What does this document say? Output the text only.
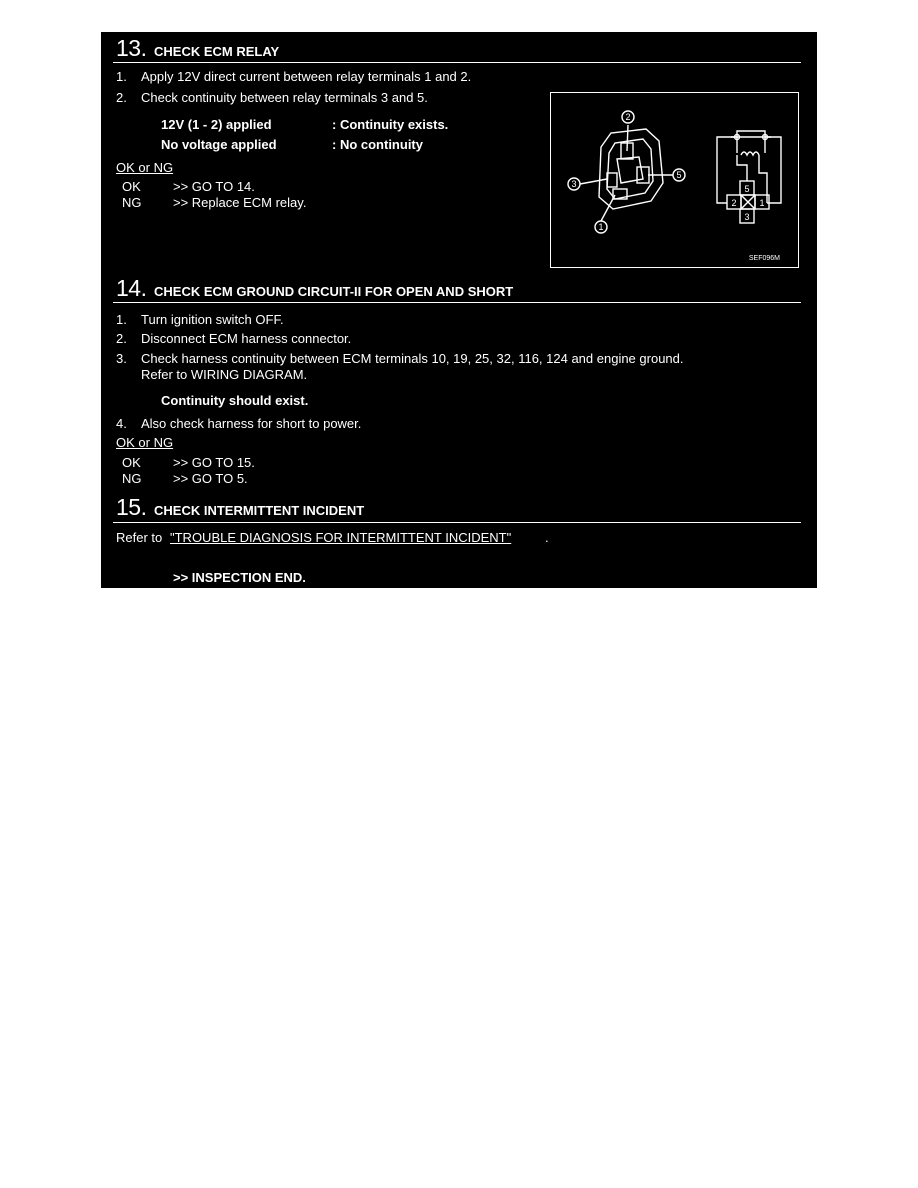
13. CHECK ECM RELAY
1. Apply 12V direct current between relay terminals 1 and 2.
2. Check continuity between relay terminals 3 and 5.
12V (1 - 2) applied	: Continuity exists.
No voltage applied	: No continuity
OK or NG
OK >> GO TO 14.
NG >> Replace ECM relay.
2
3
5
1
5
2	1
3
SEF096M
14. CHECK ECM GROUND CIRCUIT-II FOR OPEN AND SHORT
1. Turn ignition switch OFF.
2. Disconnect ECM harness connector.
3. Check harness continuity between ECM terminals 10, 19, 25, 32, 116, 124 and engine ground.
Refer to WIRING DIAGRAM.
Continuity should exist.
4. Also check harness for short to power.
OK or NG
OK >> GO TO 15.
NG >> GO TO 5.
15. CHECK INTERMITTENT INCIDENT
Refer to "TROUBLE DIAGNOSIS FOR INTERMITTENT INCIDENT"	.
>> INSPECTION END.
